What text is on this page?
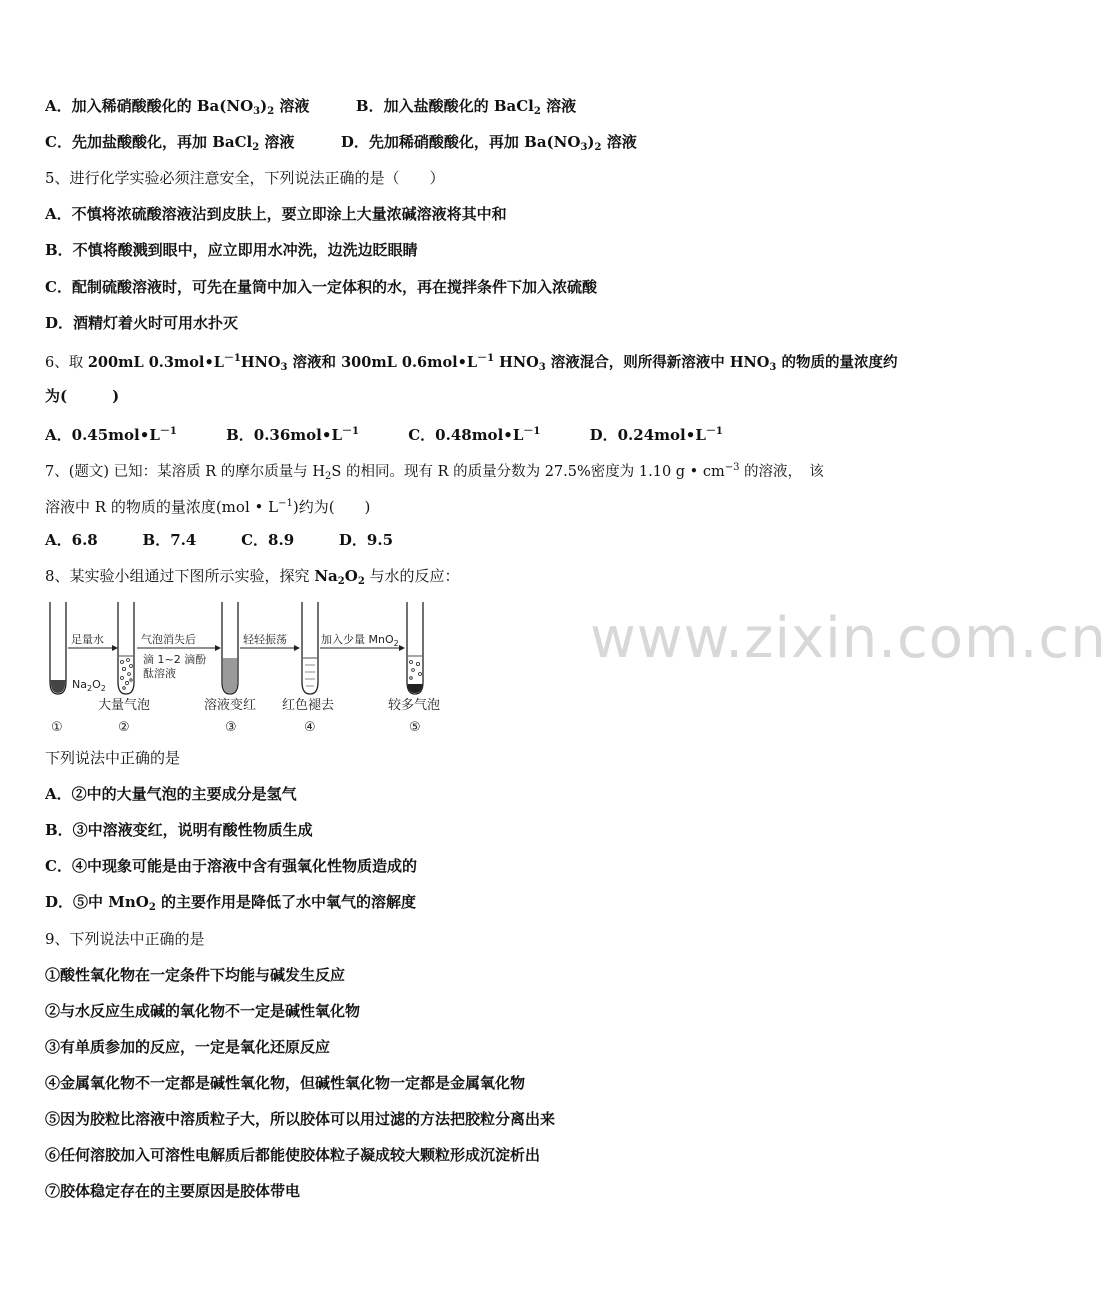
www.zixin.com.cn
A．加入稀硝酸酸化的 $Ba(NO_3)_2$ 溶液	B．加入盐酸酸化的 BaCl$_2$ 溶液
C．先加盐酸酸化，再加 BaCl$_2$ 溶液	D．先加稀硝酸酸化，再加 $Ba(NO_3)_2$ 溶液
5、进行化学实验必须注意安全，下列说法正确的是（　　）
A．不慎将浓硫酸溶液沾到皮肤上，要立即涂上大量浓碱溶液将其中和
B．不慎将酸溅到眼中，应立即用水冲洗，边洗边眨眼睛
C．配制硫酸溶液时，可先在量筒中加入一定体积的水，再在搅拌条件下加入浓硫酸
D．酒精灯着火时可用水扑灭
6、取 200mL $0.3mol•L^{-1}HNO_3$ 溶液和 300mL $0.6mol•L^{-1}$ $HNO_3$ 溶液混合，则所得新溶液中 $HNO_3$ 的物质的量浓度约
为(　　　)
A．$0.45mol•L^{-1}$	B．$0.36mol•L^{-1}$	C．$0.48mol•L^{-1}$	D．$0.24mol•L^{-1}$
7、(题文) 已知：某溶质 R 的摩尔质量与 $H_2S$ 的相同。现有 R 的质量分数为 27.5%密度为 1.10 g • $cm^{-3}$ 的溶液，　该
溶液中 R 的物质的量浓度(mol • $L^{-1}$)约为(　　)
A．6.8	B．7.4	C．8.9	D．9.5
8、某实验小组通过下图所示实验，探究 $Na_2O_2$ 与水的反应：
足量水
$Na_2O_2$
气泡消失后
滴 1~2 滴酚
酞溶液
轻轻振荡	加入少量 MnO$_2$
大量气泡	溶液变红 红色褪去	较多气泡
①	②	③	④	⑤
下列说法中正确的是
A．②中的大量气泡的主要成分是氢气
B．③中溶液变红，说明有酸性物质生成
C．④中现象可能是由于溶液中含有强氧化性物质造成的
D．⑤中 MnO$_2$ 的主要作用是降低了水中氧气的溶解度
9、下列说法中正确的是
①酸性氧化物在一定条件下均能与碱发生反应
②与水反应生成碱的氧化物不一定是碱性氧化物
③有单质参加的反应，一定是氧化还原反应
④金属氧化物不一定都是碱性氧化物，但碱性氧化物一定都是金属氧化物
⑤因为胶粒比溶液中溶质粒子大，所以胶体可以用过滤的方法把胶粒分离出来
⑥任何溶胶加入可溶性电解质后都能使胶体粒子凝成较大颗粒形成沉淀析出
⑦胶体稳定存在的主要原因是胶体带电
